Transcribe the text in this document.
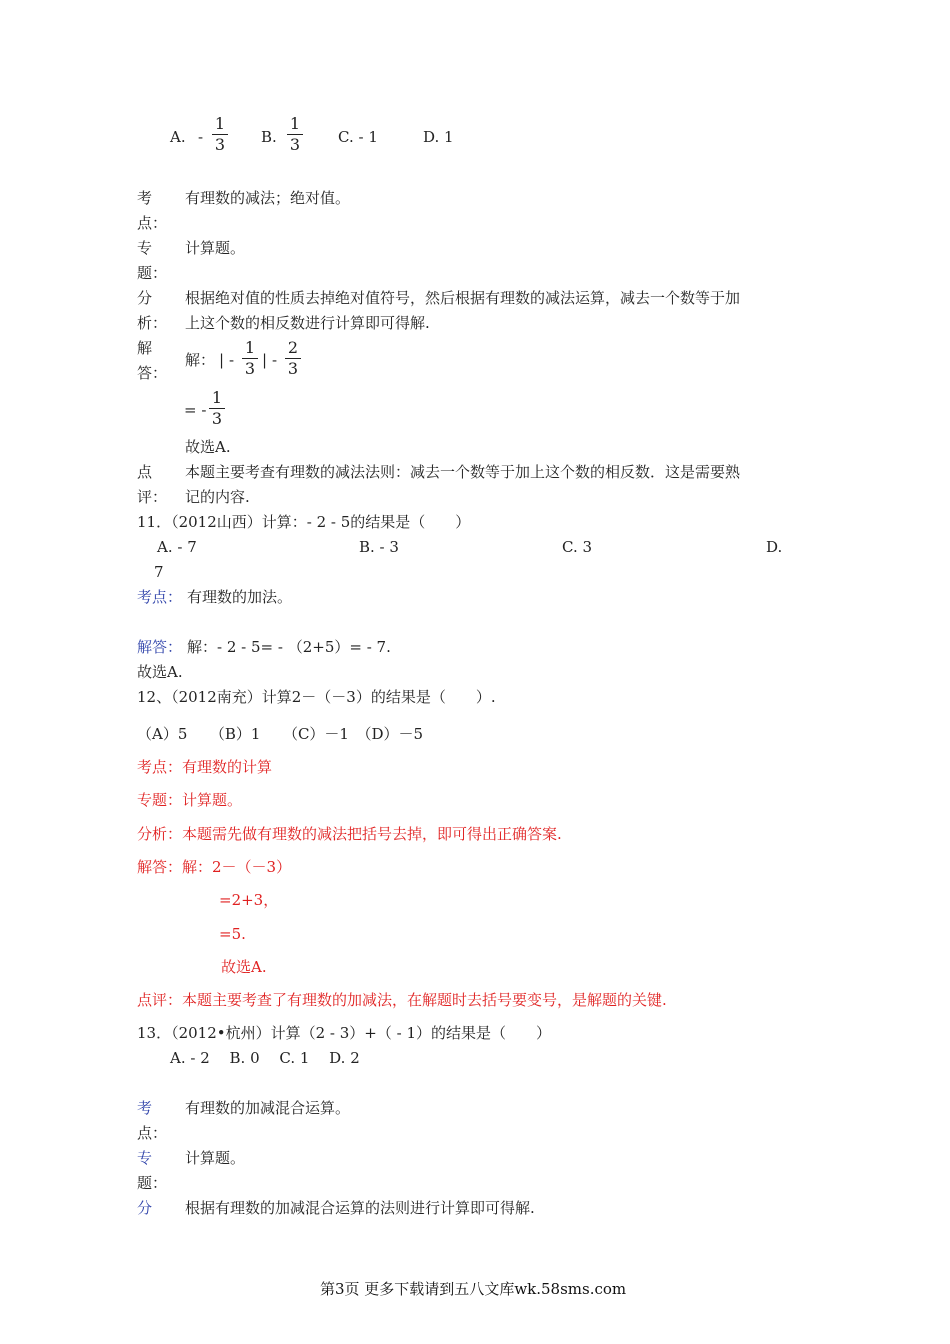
A. -
1
3	B.
1
3	C. - 1	D. 1
考
点：
有理数的减法；绝对值。
专
题：
计算题。
分
析：
根据绝对值的性质去掉绝对值符号，然后根据有理数的减法运算，减去一个数等于加
上这个数的相反数进行计算即可得解.
解
答：
解： | -
1
3 | -
2
3
= -
1
3
故选A.
点
评：
本题主要考查有理数的减法法则：减去一个数等于加上这个数的相反数．这是需要熟
记的内容.
11．（2012山西）计算：- 2 - 5的结果是（　　）
A. - 7	B. - 3	C. 3	D.
7
考点： 有理数的加法。
解答： 解：- 2 - 5= - （2+5）= - 7.
故选A.
12、（2012南充）计算2－（－3）的结果是（　　）.
（A）5　　（B）1　　（C）－1　（D）－5
考点：有理数的计算
专题：计算题。
分析：本题需先做有理数的减法把括号去掉，即可得出正确答案.
解答：解：2－（－3）
=2+3，
=5.
故选A.
点评：本题主要考查了有理数的加减法，在解题时去括号要变号，是解题的关键.
13．（2012•杭州）计算（2 - 3）+（ - 1）的结果是（　　）
A. - 2　 B. 0　 C. 1　 D. 2
考
点：
有理数的加减混合运算。
专
题：
计算题。
分 根据有理数的加减混合运算的法则进行计算即可得解.
第3页 更多下载请到五八文库wk.58sms.com
